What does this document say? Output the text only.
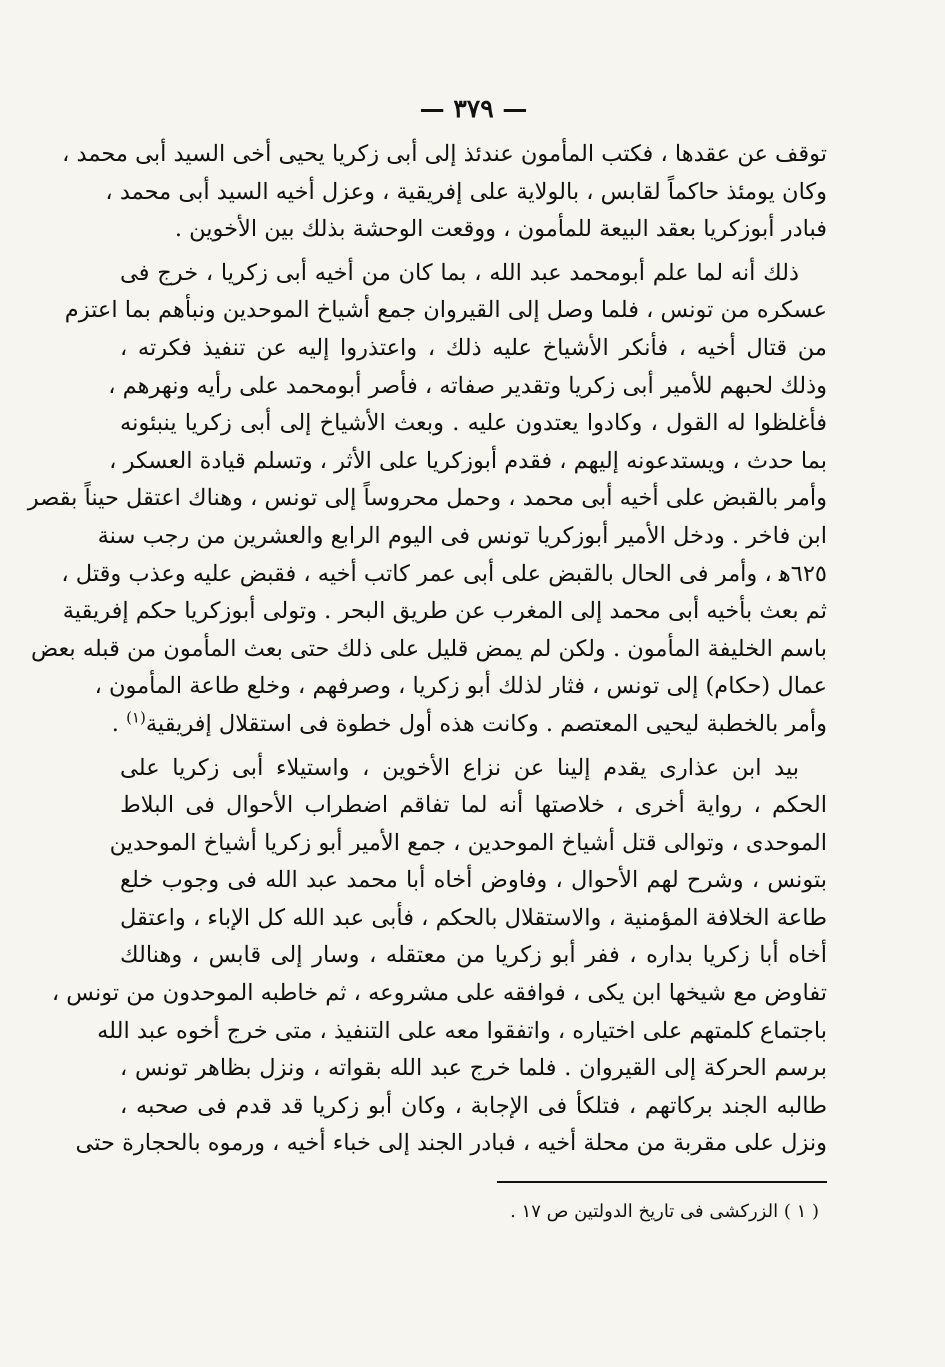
— ٣٧٩ —
توقف عن عقدها ، فكتب المأمون عندئذ إلى أبى زكريا يحيى أخى السيد أبى محمد ،
وكان يومئذ حاكماً لقابس ، بالولاية على إفريقية ، وعزل أخيه السيد أبى محمد ،
فبادر أبوزكريا بعقد البيعة للمأمون ، ووقعت الوحشة بذلك بين الأخوين .
ذلك أنه لما علم أبومحمد عبد الله ، بما كان من أخيه أبى زكريا ، خرج فى
عسكره من تونس ، فلما وصل إلى القيروان جمع أشياخ الموحدين ونبأهم بما اعتزم
من قتال أخيه ، فأنكر الأشياخ عليه ذلك ، واعتذروا إليه عن تنفيذ فكرته ،
وذلك لحبهم للأمير أبى زكريا وتقدير صفاته ، فأصر أبومحمد على رأيه ونهرهم ،
فأغلظوا له القول ، وكادوا يعتدون عليه . وبعث الأشياخ إلى أبى زكريا ينبئونه
بما حدث ، ويستدعونه إليهم ، فقدم أبوزكريا على الأثر ، وتسلم قيادة العسكر ،
وأمر بالقبض على أخيه أبى محمد ، وحمل محروساً إلى تونس ، وهناك اعتقل حيناً بقصر
ابن فاخر . ودخل الأمير أبوزكريا تونس فى اليوم الرابع والعشرين من رجب سنة
٦٢٥ﻫ ، وأمر فى الحال بالقبض على أبى عمر كاتب أخيه ، فقبض عليه وعذب وقتل ،
ثم بعث بأخيه أبى محمد إلى المغرب عن طريق البحر . وتولى أبوزكريا حكم إفريقية
باسم الخليفة المأمون . ولكن لم يمض قليل على ذلك حتى بعث المأمون من قبله بعض
عمال (حكام) إلى تونس ، فثار لذلك أبو زكريا ، وصرفهم ، وخلع طاعة المأمون ،
وأمر بالخطبة ليحيى المعتصم . وكانت هذه أول خطوة فى استقلال إفريقية$^{(١)}$ .
بيد ابن عذارى يقدم إلينا عن نزاع الأخوين ، واستيلاء أبى زكريا على
الحكم ، رواية أخرى ، خلاصتها أنه لما تفاقم اضطراب الأحوال فى البلاط
الموحدى ، وتوالى قتل أشياخ الموحدين ، جمع الأمير أبو زكريا أشياخ الموحدين
بتونس ، وشرح لهم الأحوال ، وفاوض أخاه أبا محمد عبد الله فى وجوب خلع
طاعة الخلافة المؤمنية ، والاستقلال بالحكم ، فأبى عبد الله كل الإباء ، واعتقل
أخاه أبا زكريا بداره ، ففر أبو زكريا من معتقله ، وسار إلى قابس ، وهنالك
تفاوض مع شيخها ابن يكى ، فوافقه على مشروعه ، ثم خاطبه الموحدون من تونس ،
باجتماع كلمتهم على اختياره ، واتفقوا معه على التنفيذ ، متى خرج أخوه عبد الله
برسم الحركة إلى القيروان . فلما خرج عبد الله بقواته ، ونزل بظاهر تونس ،
طالبه الجند بركاتهم ، فتلكأ فى الإجابة ، وكان أبو زكريا قد قدم فى صحبه ،
ونزل على مقربة من محلة أخيه ، فبادر الجند إلى خباء أخيه ، ورموه بالحجارة حتى
( ١ ) الزركشى فى تاريخ الدولتين ص ١٧ .
